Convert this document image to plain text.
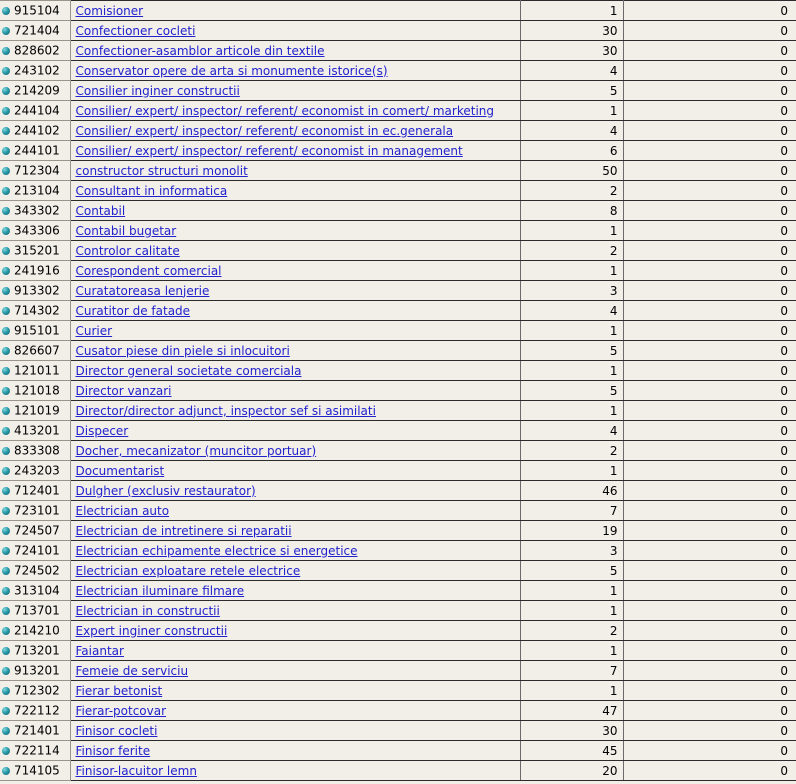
915104	Comisioner	1	0
721404	Confectioner cocleti	30	0
828602	Confectioner-asamblor articole din textile	30	0
243102	Conservator opere de arta si monumente istorice(s)	4	0
214209	Consilier inginer constructii	5	0
244104	Consilier/ expert/ inspector/ referent/ economist in comert/ marketing	1	0
244102	Consilier/ expert/ inspector/ referent/ economist in ec.generala	4	0
244101	Consilier/ expert/ inspector/ referent/ economist in management	6	0
712304	constructor structuri monolit	50	0
213104	Consultant in informatica	2	0
343302	Contabil	8	0
343306	Contabil bugetar	1	0
315201	Controlor calitate	2	0
241916	Corespondent comercial	1	0
913302	Curatatoreasa lenjerie	3	0
714302	Curatitor de fatade	4	0
915101	Curier	1	0
826607	Cusator piese din piele si inlocuitori	5	0
121011	Director general societate comerciala	1	0
121018	Director vanzari	5	0
121019	Director/director adjunct, inspector sef si asimilati	1	0
413201	Dispecer	4	0
833308	Docher, mecanizator (muncitor portuar)	2	0
243203	Documentarist	1	0
712401	Dulgher (exclusiv restaurator)	46	0
723101	Electrician auto	7	0
724507	Electrician de intretinere si reparatii	19	0
724101	Electrician echipamente electrice si energetice	3	0
724502	Electrician exploatare retele electrice	5	0
313104	Electrician iluminare filmare	1	0
713701	Electrician in constructii	1	0
214210	Expert inginer constructii	2	0
713201	Faiantar	1	0
913201	Femeie de serviciu	7	0
712302	Fierar betonist	1	0
722112	Fierar-potcovar	47	0
721401	Finisor cocleti	30	0
722114	Finisor ferite	45	0
714105	Finisor-lacuitor lemn	20	0
